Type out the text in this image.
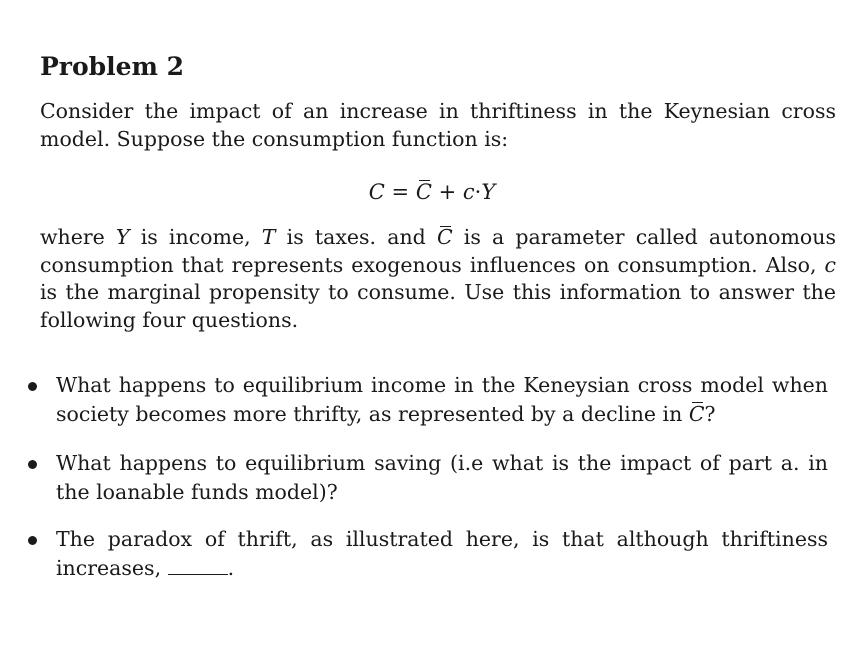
Problem 2
Consider the impact of an increase in thriftiness in the Keynesian cross model. Suppose the consumption function is:
C = C + c·Y
where Y is income, T is taxes. and C is a parameter called autonomous consumption that represents exogenous influences on consumption. Also, c is the marginal propensity to consume. Use this information to answer the following four questions.
What happens to equilibrium income in the Keneysian cross model when society becomes more thrifty, as represented by a decline in C?
What happens to equilibrium saving (i.e what is the impact of part a. in the loanable funds model)?
The paradox of thrift, as illustrated here, is that although thriftiness increases,	.
